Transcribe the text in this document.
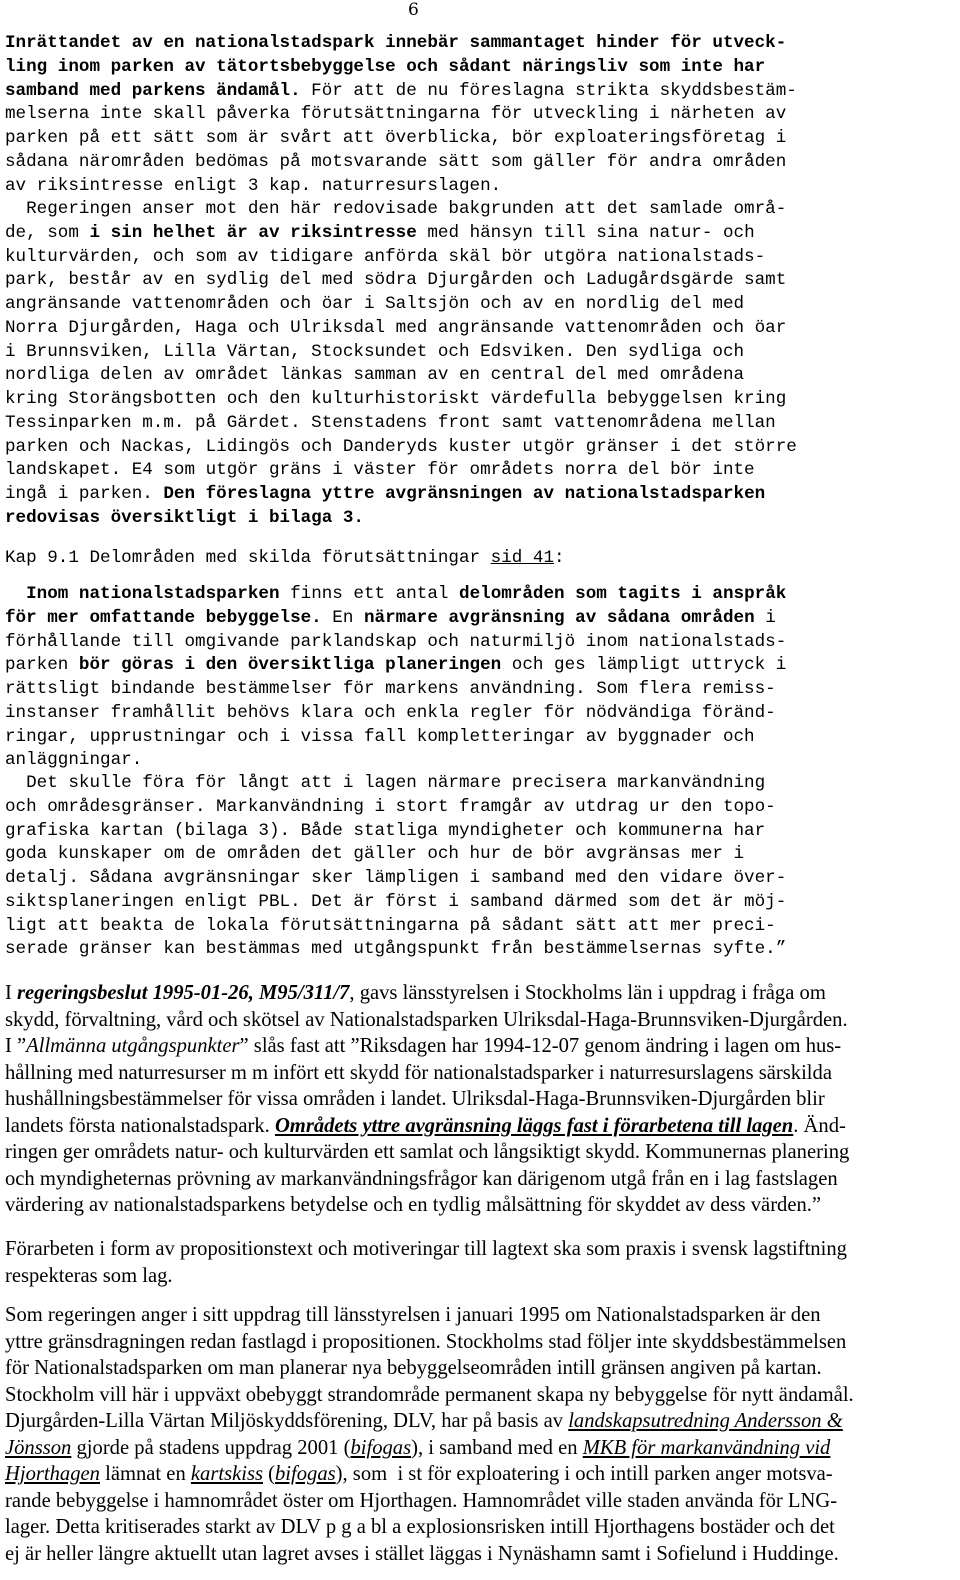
6
Inrättandet av en nationalstadspark innebär sammantaget hinder för utveck-
ling inom parken av tätortsbebyggelse och sådant näringsliv som inte har
samband med parkens ändamål. För att de nu föreslagna strikta skyddsbestäm-
melserna inte skall påverka förutsättningarna för utveckling i närheten av
parken på ett sätt som är svårt att överblicka, bör exploateringsföretag i
sådana närområden bedömas på motsvarande sätt som gäller för andra områden
av riksintresse enligt 3 kap. naturresurslagen.
Regeringen anser mot den här redovisade bakgrunden att det samlade områ-
de, som i sin helhet är av riksintresse med hänsyn till sina natur- och
kulturvärden, och som av tidigare anförda skäl bör utgöra nationalstads-
park, består av en sydlig del med södra Djurgården och Ladugårdsgärde samt
angränsande vattenområden och öar i Saltsjön och av en nordlig del med
Norra Djurgården, Haga och Ulriksdal med angränsande vattenområden och öar
i Brunnsviken, Lilla Värtan, Stocksundet och Edsviken. Den sydliga och
nordliga delen av området länkas samman av en central del med områdena
kring Storängsbotten och den kulturhistoriskt värdefulla bebyggelsen kring
Tessinparken m.m. på Gärdet. Stenstadens front samt vattenområdena mellan
parken och Nackas, Lidingös och Danderyds kuster utgör gränser i det större
landskapet. E4 som utgör gräns i väster för områdets norra del bör inte
ingå i parken. Den föreslagna yttre avgränsningen av nationalstadsparken
redovisas översiktligt i bilaga 3.
Kap 9.1 Delområden med skilda förutsättningar sid 41:
Inom nationalstadsparken finns ett antal delområden som tagits i anspråk
för mer omfattande bebyggelse. En närmare avgränsning av sådana områden i
förhållande till omgivande parklandskap och naturmiljö inom nationalstads-
parken bör göras i den översiktliga planeringen och ges lämpligt uttryck i
rättsligt bindande bestämmelser för markens användning. Som flera remiss-
instanser framhållit behövs klara och enkla regler för nödvändiga föränd-
ringar, upprustningar och i vissa fall kompletteringar av byggnader och
anläggningar.
Det skulle föra för långt att i lagen närmare precisera markanvändning
och områdesgränser. Markanvändning i stort framgår av utdrag ur den topo-
grafiska kartan (bilaga 3). Både statliga myndigheter och kommunerna har
goda kunskaper om de områden det gäller och hur de bör avgränsas mer i
detalj. Sådana avgränsningar sker lämpligen i samband med den vidare över-
siktsplaneringen enligt PBL. Det är först i samband därmed som det är möj-
ligt att beakta de lokala förutsättningarna på sådant sätt att mer preci-
serade gränser kan bestämmas med utgångspunkt från bestämmelsernas syfte.”
I regeringsbeslut 1995-01-26, M95/311/7, gavs länsstyrelsen i Stockholms län i uppdrag i fråga om
skydd, förvaltning, vård och skötsel av Nationalstadsparken Ulriksdal-Haga-Brunnsviken-Djurgården.
I ”Allmänna utgångspunkter” slås fast att ”Riksdagen har 1994-12-07 genom ändring i lagen om hus-
hållning med naturresurser m m infört ett skydd för nationalstadsparker i naturresurslagens särskilda
hushållningsbestämmelser för vissa områden i landet. Ulriksdal-Haga-Brunnsviken-Djurgården blir
landets första nationalstadspark. Områdets yttre avgränsning läggs fast i förarbetena till lagen. Änd-
ringen ger områdets natur- och kulturvärden ett samlat och långsiktigt skydd. Kommunernas planering
och myndigheternas prövning av markanvändningsfrågor kan därigenom utgå från en i lag fastslagen
värdering av nationalstadsparkens betydelse och en tydlig målsättning för skyddet av dess värden.”
Förarbeten i form av propositionstext och motiveringar till lagtext ska som praxis i svensk lagstiftning
respekteras som lag.
Som regeringen anger i sitt uppdrag till länsstyrelsen i januari 1995 om Nationalstadsparken är den
yttre gränsdragningen redan fastlagd i propositionen. Stockholms stad följer inte skyddsbestämmelsen
för Nationalstadsparken om man planerar nya bebyggelseområden intill gränsen angiven på kartan.
Stockholm vill här i uppväxt obebyggt strandområde permanent skapa ny bebyggelse för nytt ändamål.
Djurgården-Lilla Värtan Miljöskyddsförening, DLV, har på basis av landskapsutredning Andersson &
Jönsson gjorde på stadens uppdrag 2001 (bifogas), i samband med en MKB för markanvändning vid
Hjorthagen lämnat en kartskiss (bifogas), som  i st för exploatering i och intill parken anger motsva-
rande bebyggelse i hamnområdet öster om Hjorthagen. Hamnområdet ville staden använda för LNG-
lager. Detta kritiserades starkt av DLV p g a bl a explosionsrisken intill Hjorthagens bostäder och det
ej är heller längre aktuellt utan lagret avses i stället läggas i Nynäshamn samt i Sofielund i Huddinge.
